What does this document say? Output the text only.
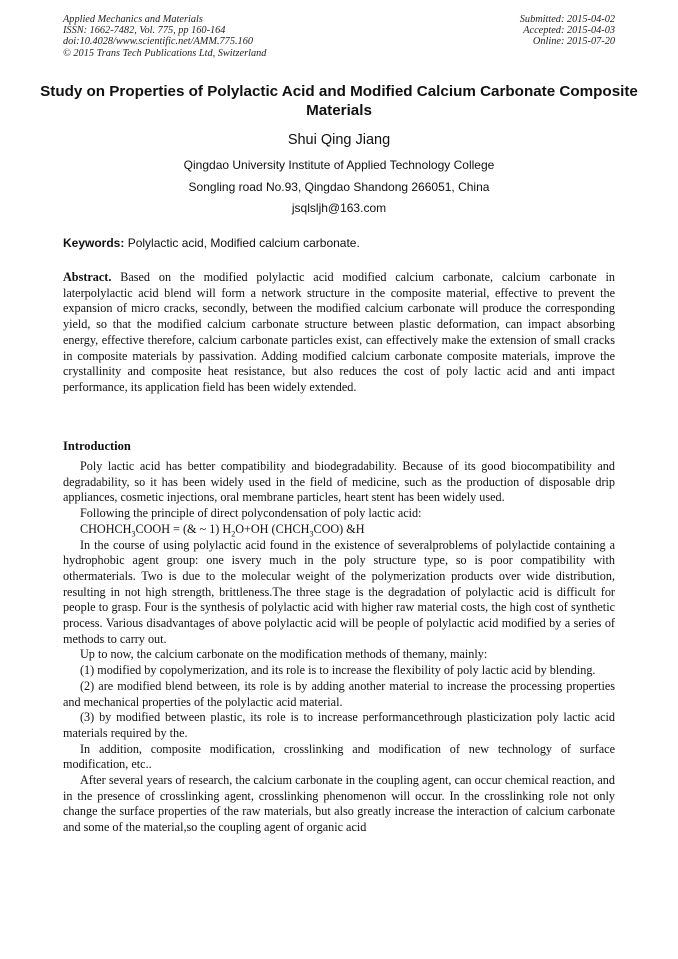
Applied Mechanics and Materials
ISSN: 1662-7482, Vol. 775, pp 160-164
doi:10.4028/www.scientific.net/AMM.775.160
© 2015 Trans Tech Publications Ltd, Switzerland
Submitted: 2015-04-02
Accepted: 2015-04-03
Online: 2015-07-20
Study on Properties of Polylactic Acid and Modified Calcium Carbonate Composite Materials
Shui Qing Jiang
Qingdao University Institute of Applied Technology College
Songling road No.93, Qingdao Shandong 266051, China
jsqlsljh@163.com
Keywords: Polylactic acid, Modified calcium carbonate.
Abstract. Based on the modified polylactic acid modified calcium carbonate, calcium carbonate in laterpolylactic acid blend will form a network structure in the composite material, effective to prevent the expansion of micro cracks, secondly, between the modified calcium carbonate will produce the corresponding yield, so that the modified calcium carbonate structure between plastic deformation, can impact absorbing energy, effective therefore, calcium carbonate particles exist, can effectively make the extension of small cracks in composite materials by passivation. Adding modified calcium carbonate composite materials, improve the crystallinity and composite heat resistance, but also reduces the cost of poly lactic acid and anti impact performance, its application field has been widely extended.
Introduction

Poly lactic acid has better compatibility and biodegradability. Because of its good biocompatibility and degradability, so it has been widely used in the field of medicine, such as the production of disposable drip appliances, cosmetic injections, oral membrane particles, heart stent has been widely used.

Following the principle of direct polycondensation of poly lactic acid:

$CHOHCH_3COOH$ = (& ~ 1) $H_2O+OH$ $(CHCH_3COO)$ &H

In the course of using polylactic acid found in the existence of severalproblems of polylactide containing a hydrophobic agent group: one isvery much in the poly structure type, so is poor compatibility with othermaterials. Two is due to the molecular weight of the polymerization products over wide distribution, resulting in not high strength, brittleness.The three stage is the degradation of polylactic acid is difficult for people to grasp. Four is the synthesis of polylactic acid with higher raw material costs, the high cost of synthetic process. Various disadvantages of above polylactic acid will be people of polylactic acid modified by a series of methods to carry out.

Up to now, the calcium carbonate on the modification methods of themany, mainly:

(1) modified by copolymerization, and its role is to increase the flexibility of poly lactic acid by blending.

(2) are modified blend between, its role is by adding another material to increase the processing properties and mechanical properties of the polylactic acid material.

(3) by modified between plastic, its role is to increase performancethrough plasticization poly lactic acid materials required by the.

In addition, composite modification, crosslinking and modification of new technology of surface modification, etc..

After several years of research, the calcium carbonate in the coupling agent, can occur chemical reaction, and in the presence of crosslinking agent, crosslinking phenomenon will occur. In the crosslinking role not only change the surface properties of the raw materials, but also greatly increase the interaction of calcium carbonate and some of the material,so the coupling agent of organic acid
